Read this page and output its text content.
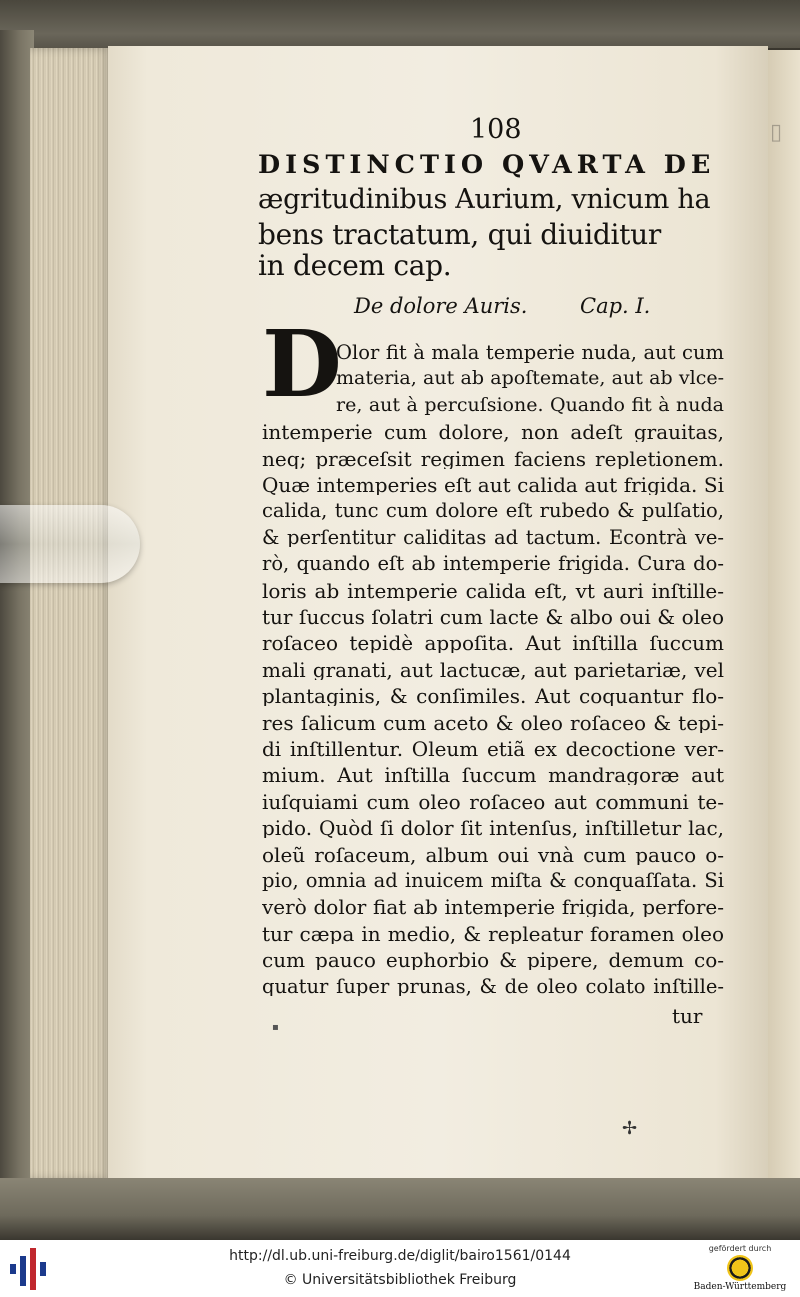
▯
108
DISTINCTIO QVARTA DE
ægritudinibus Aurium, vnicum ha
bens tractatum, qui diuiditur
in decem cap.
De dolore Auris.	Cap. I.
D
Olor fit à mala temperie nuda, aut cum
materia, aut ab apoſtemate, aut ab vlce-
re, aut à percuſsione. Quando fit à nuda
intemperie cum dolore, non adeſt grauitas,
neq; præceſsit regimen faciens repletionem.
Quæ intemperies eſt aut calida aut frigida. Si
calida, tunc cum dolore eſt rubedo & pulſatio,
& perſentitur caliditas ad tactum. Econtrà ve-
rò, quando eſt ab intemperie frigida. Cura do-
loris ab intemperie calida eſt, vt auri inſtille-
tur ſuccus ſolatri cum lacte & albo oui & oleo
roſaceo tepidè appoſita. Aut inſtilla ſuccum
mali granati, aut lactucæ, aut parietariæ, vel
plantaginis, & conſimiles. Aut coquantur flo-
res ſalicum cum aceto & oleo roſaceo & tepi-
di inſtillentur. Oleum etiã ex decoctione ver-
mium. Aut inſtilla ſuccum mandragoræ aut
iuſquiami cum oleo roſaceo aut communi te-
pido. Quòd ſi dolor ſit intenſus, inſtilletur lac,
oleũ roſaceum, album oui vnà cum pauco o-
pio, omnia ad inuicem miſta & conquaſſata. Si
verò dolor fiat ab intemperie frigida, perfore-
tur cæpa in medio, & repleatur foramen oleo
cum pauco euphorbio & pipere, demum co-
quatur ſuper prunas, & de oleo colato inſtille-
tur
▪
✢
http://dl.ub.uni-freiburg.de/diglit/bairo1561/0144
© Universitätsbibliothek Freiburg
gefördert durch
Baden-Württemberg
